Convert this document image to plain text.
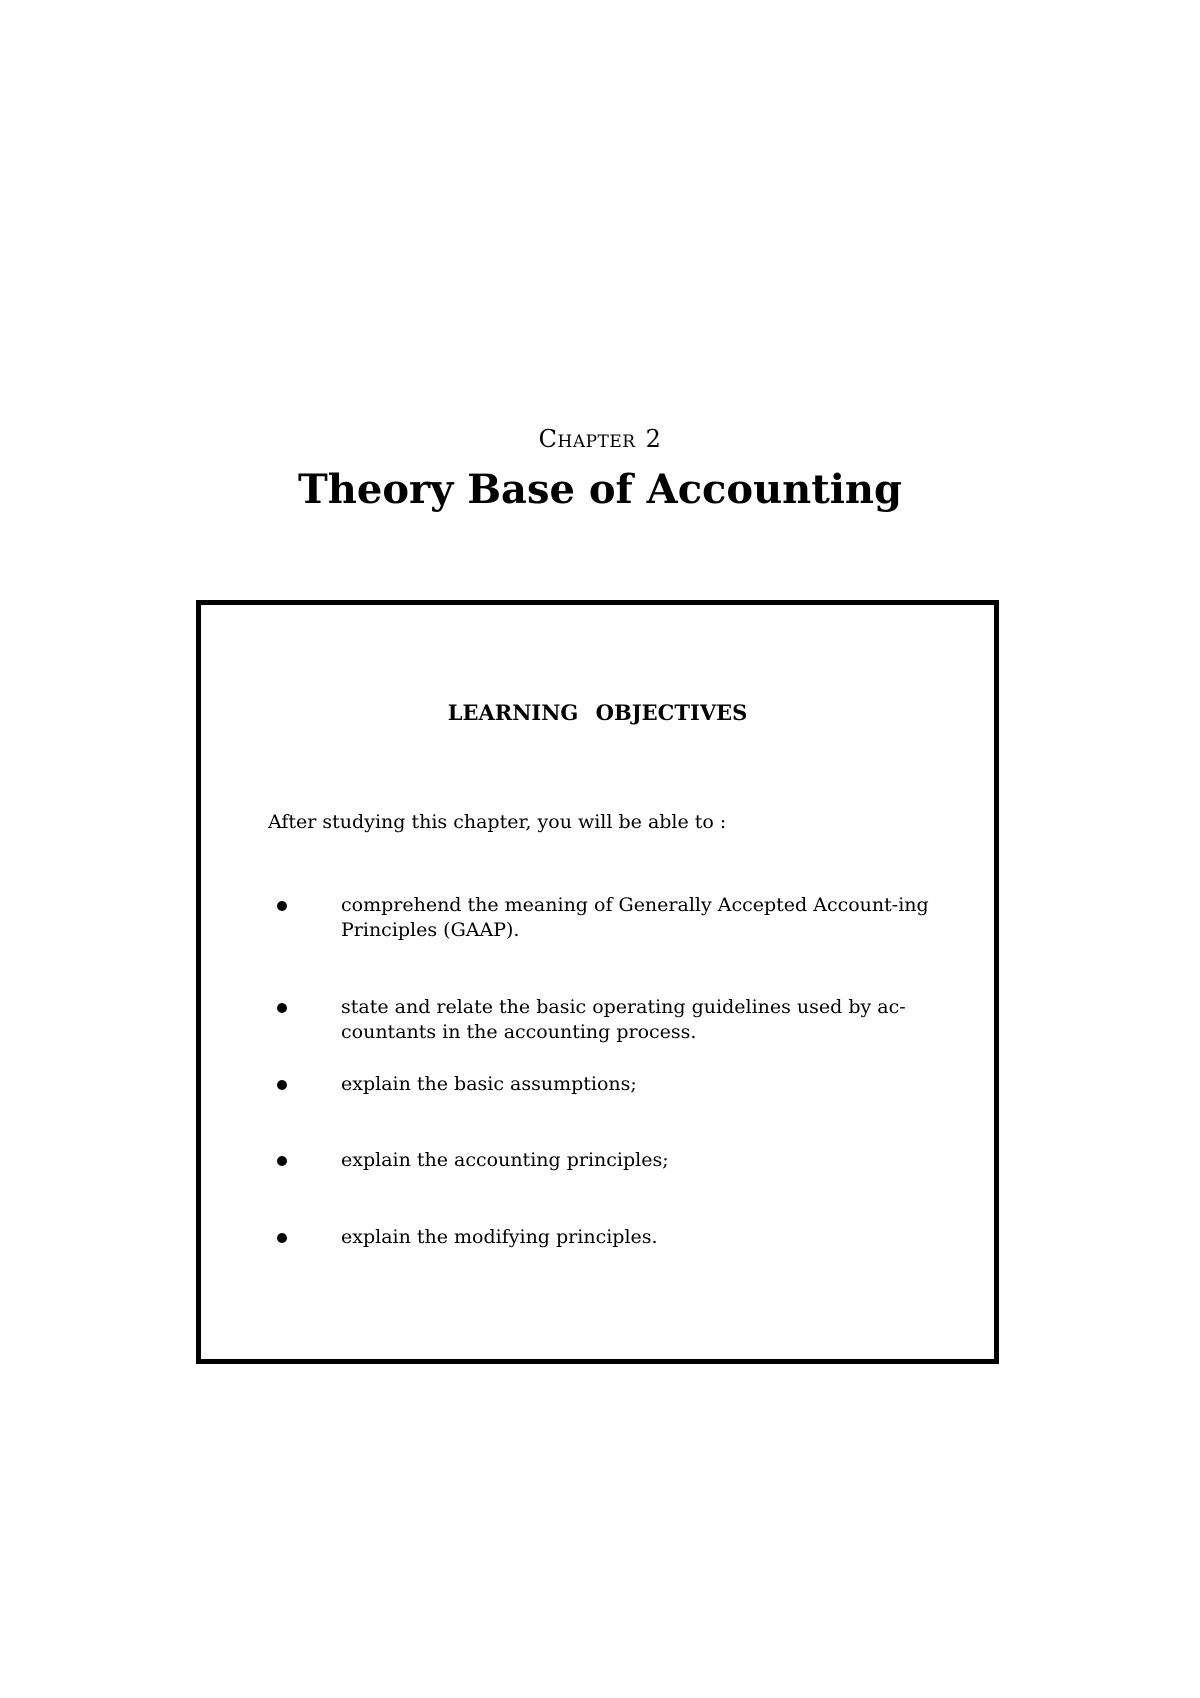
Chapter 2
Theory Base of Accounting
LEARNING OBJECTIVES

After studying this chapter, you will be able to :

comprehend the meaning of Generally Accepted Account-ing Principles (GAAP).

state and relate the basic operating guidelines used by ac-countants in the accounting process.

explain the basic assumptions;

explain the accounting principles;

explain the modifying principles.
